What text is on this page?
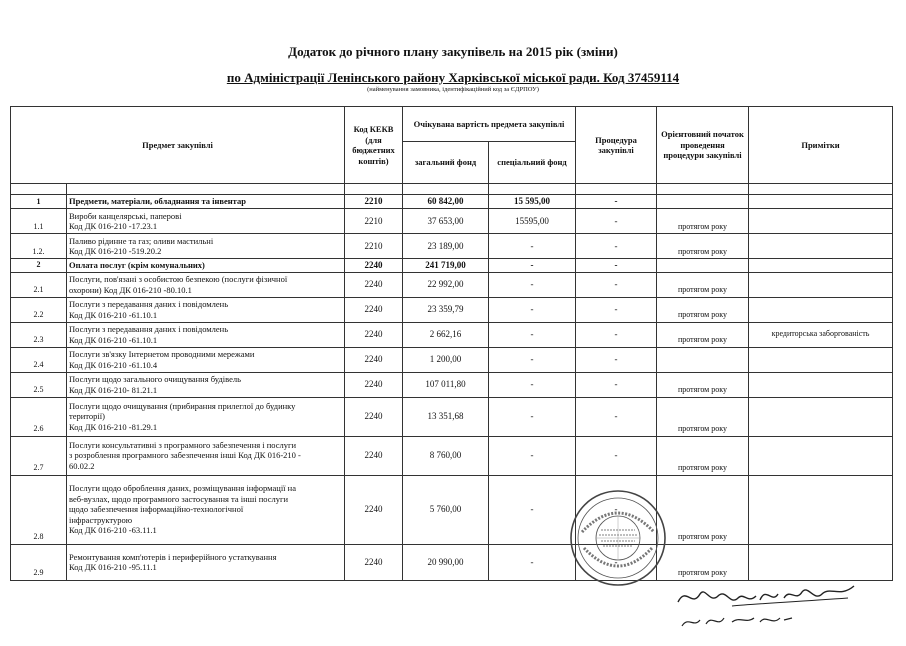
Додаток до річного плану закупівель на 2015 рік (зміни)
по Адміністрації Ленінського району Харківської міської ради. Код 37459114
(найменування замовника, ідентифікаційний код за ЄДРПОУ)
Предмет закупівлі		Код КЕКВ (для бюджетних коштів)	Очікувана вартість предмета закупівлі		Процедура закупівлі	Орієнтовний початок проведення процедури закупівлі	Примітки
			загальний фонд	спеціальний фонд			

1	Предмети, матеріали, обладнання та інвентар	2210	60 842,00	15 595,00	-		
1.1	Вироби канцелярські, паперові
Код ДК 016-210 -17.23.1	2210	37 653,00	15595,00	-	протягом року	
1.2.	Паливо рідинне та газ; оливи мастильні
Код ДК 016-210 -519.20.2	2210	23 189,00	-	-	протягом року	
2	Оплата послуг (крім комунальних)	2240	241 719,00	-	-		
2.1	Послуги, пов'язані з особистою безпекою (послуги фізичної
охорони) Код ДК 016-210 -80.10.1	2240	22 992,00	-	-	протягом року	
2.2	Послуги з передавання даних і повідомлень
Код ДК 016-210 -61.10.1	2240	23 359,79	-	-	протягом року	
2.3	Послуги з передавання даних і повідомлень
Код ДК 016-210 -61.10.1	2240	2 662,16	-	-	протягом року	кредиторська заборгованість
2.4	Послуги зв'язку Інтернетом проводними мережами
Код ДК 016-210 -61.10.4	2240	1 200,00	-	-		
2.5	Послуги щодо загального очищування будівель
Код ДК 016-210- 81.21.1	2240	107 011,80	-	-	протягом року	
2.6	Послуги щодо очищування (прибирання прилеглої до будинку
території)
Код ДК 016-210 -81.29.1	2240	13 351,68	-	-	протягом року	
2.7	Послуги консультативні з програмного забезпечення і послуги
з розроблення програмного забезпечення інші Код ДК 016-210 -
60.02.2	2240	8 760,00	-	-	протягом року	
2.8	Послуги щодо оброблення даних, розміщування інформації на
веб-вузлах, щодо програмного застосування та інші послуги
щодо забезпечення інформаційно-технологічної
інфраструктурою
Код ДК 016-210 -63.11.1	2240	5 760,00	-	-	протягом року	
2.9	Ремонтування комп'ютерів і периферійного устаткування
Код ДК 016-210 -95.11.1	2240	20 990,00	-	-	протягом року	
